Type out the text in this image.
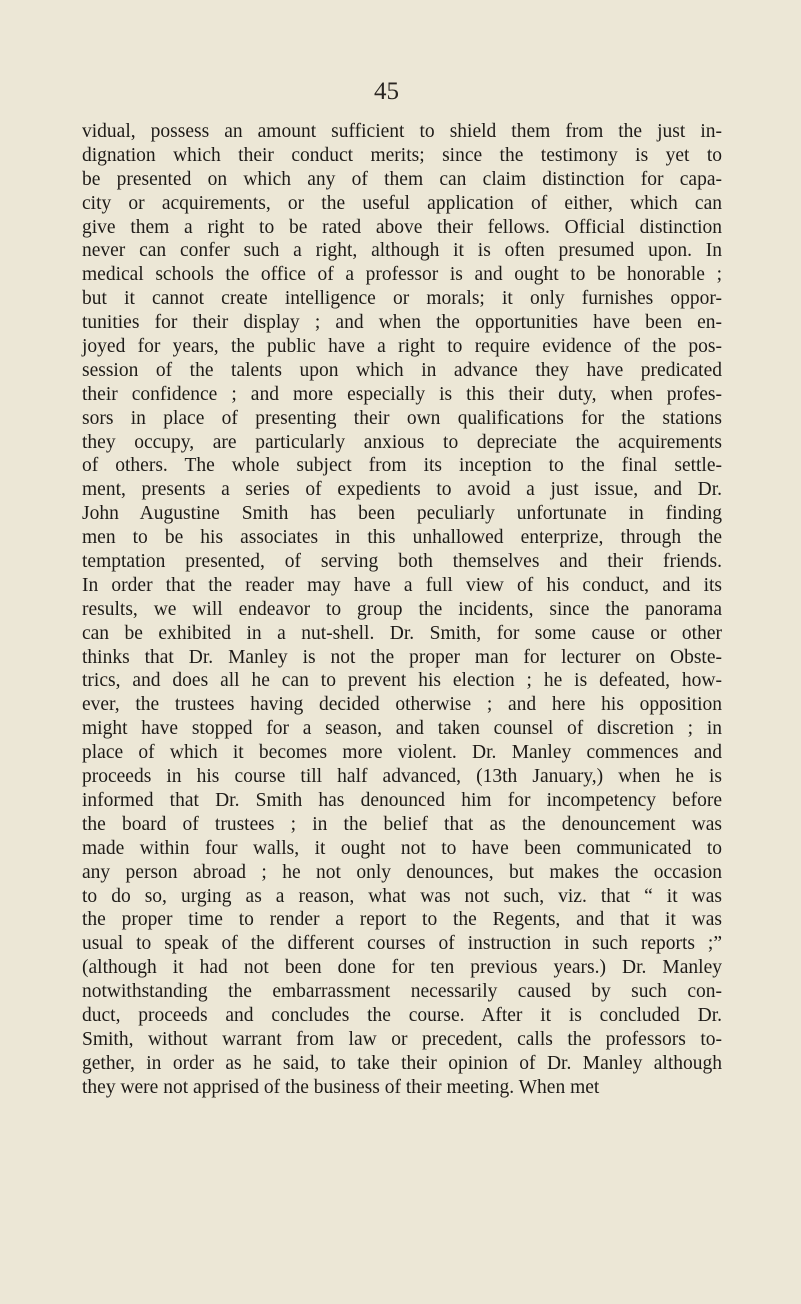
45
vidual, possess an amount sufficient to shield them from the just in-
dignation which their conduct merits; since the testimony is yet to
be presented on which any of them can claim distinction for capa-
city or acquirements, or the useful application of either, which can
give them a right to be rated above their fellows. Official distinction
never can confer such a right, although it is often presumed upon. In
medical schools the office of a professor is and ought to be honorable ;
but it cannot create intelligence or morals; it only furnishes oppor-
tunities for their display ; and when the opportunities have been en-
joyed for years, the public have a right to require evidence of the pos-
session of the talents upon which in advance they have predicated
their confidence ; and more especially is this their duty, when profes-
sors in place of presenting their own qualifications for the stations
they occupy, are particularly anxious to depreciate the acquirements
of others. The whole subject from its inception to the final settle-
ment, presents a series of expedients to avoid a just issue, and Dr.
John Augustine Smith has been peculiarly unfortunate in finding
men to be his associates in this unhallowed enterprize, through the
temptation presented, of serving both themselves and their friends.
In order that the reader may have a full view of his conduct, and its
results, we will endeavor to group the incidents, since the panorama
can be exhibited in a nut-shell. Dr. Smith, for some cause or other
thinks that Dr. Manley is not the proper man for lecturer on Obste-
trics, and does all he can to prevent his election ; he is defeated, how-
ever, the trustees having decided otherwise ; and here his opposition
might have stopped for a season, and taken counsel of discretion ; in
place of which it becomes more violent. Dr. Manley commences and
proceeds in his course till half advanced, (13th January,) when he is
informed that Dr. Smith has denounced him for incompetency before
the board of trustees ; in the belief that as the denouncement was
made within four walls, it ought not to have been communicated to
any person abroad ; he not only denounces, but makes the occasion
to do so, urging as a reason, what was not such, viz. that “ it was
the proper time to render a report to the Regents, and that it was
usual to speak of the different courses of instruction in such reports ;”
(although it had not been done for ten previous years.) Dr. Manley
notwithstanding the embarrassment necessarily caused by such con-
duct, proceeds and concludes the course. After it is concluded Dr.
Smith, without warrant from law or precedent, calls the professors to-
gether, in order as he said, to take their opinion of Dr. Manley although
they were not apprised of the business of their meeting. When met
